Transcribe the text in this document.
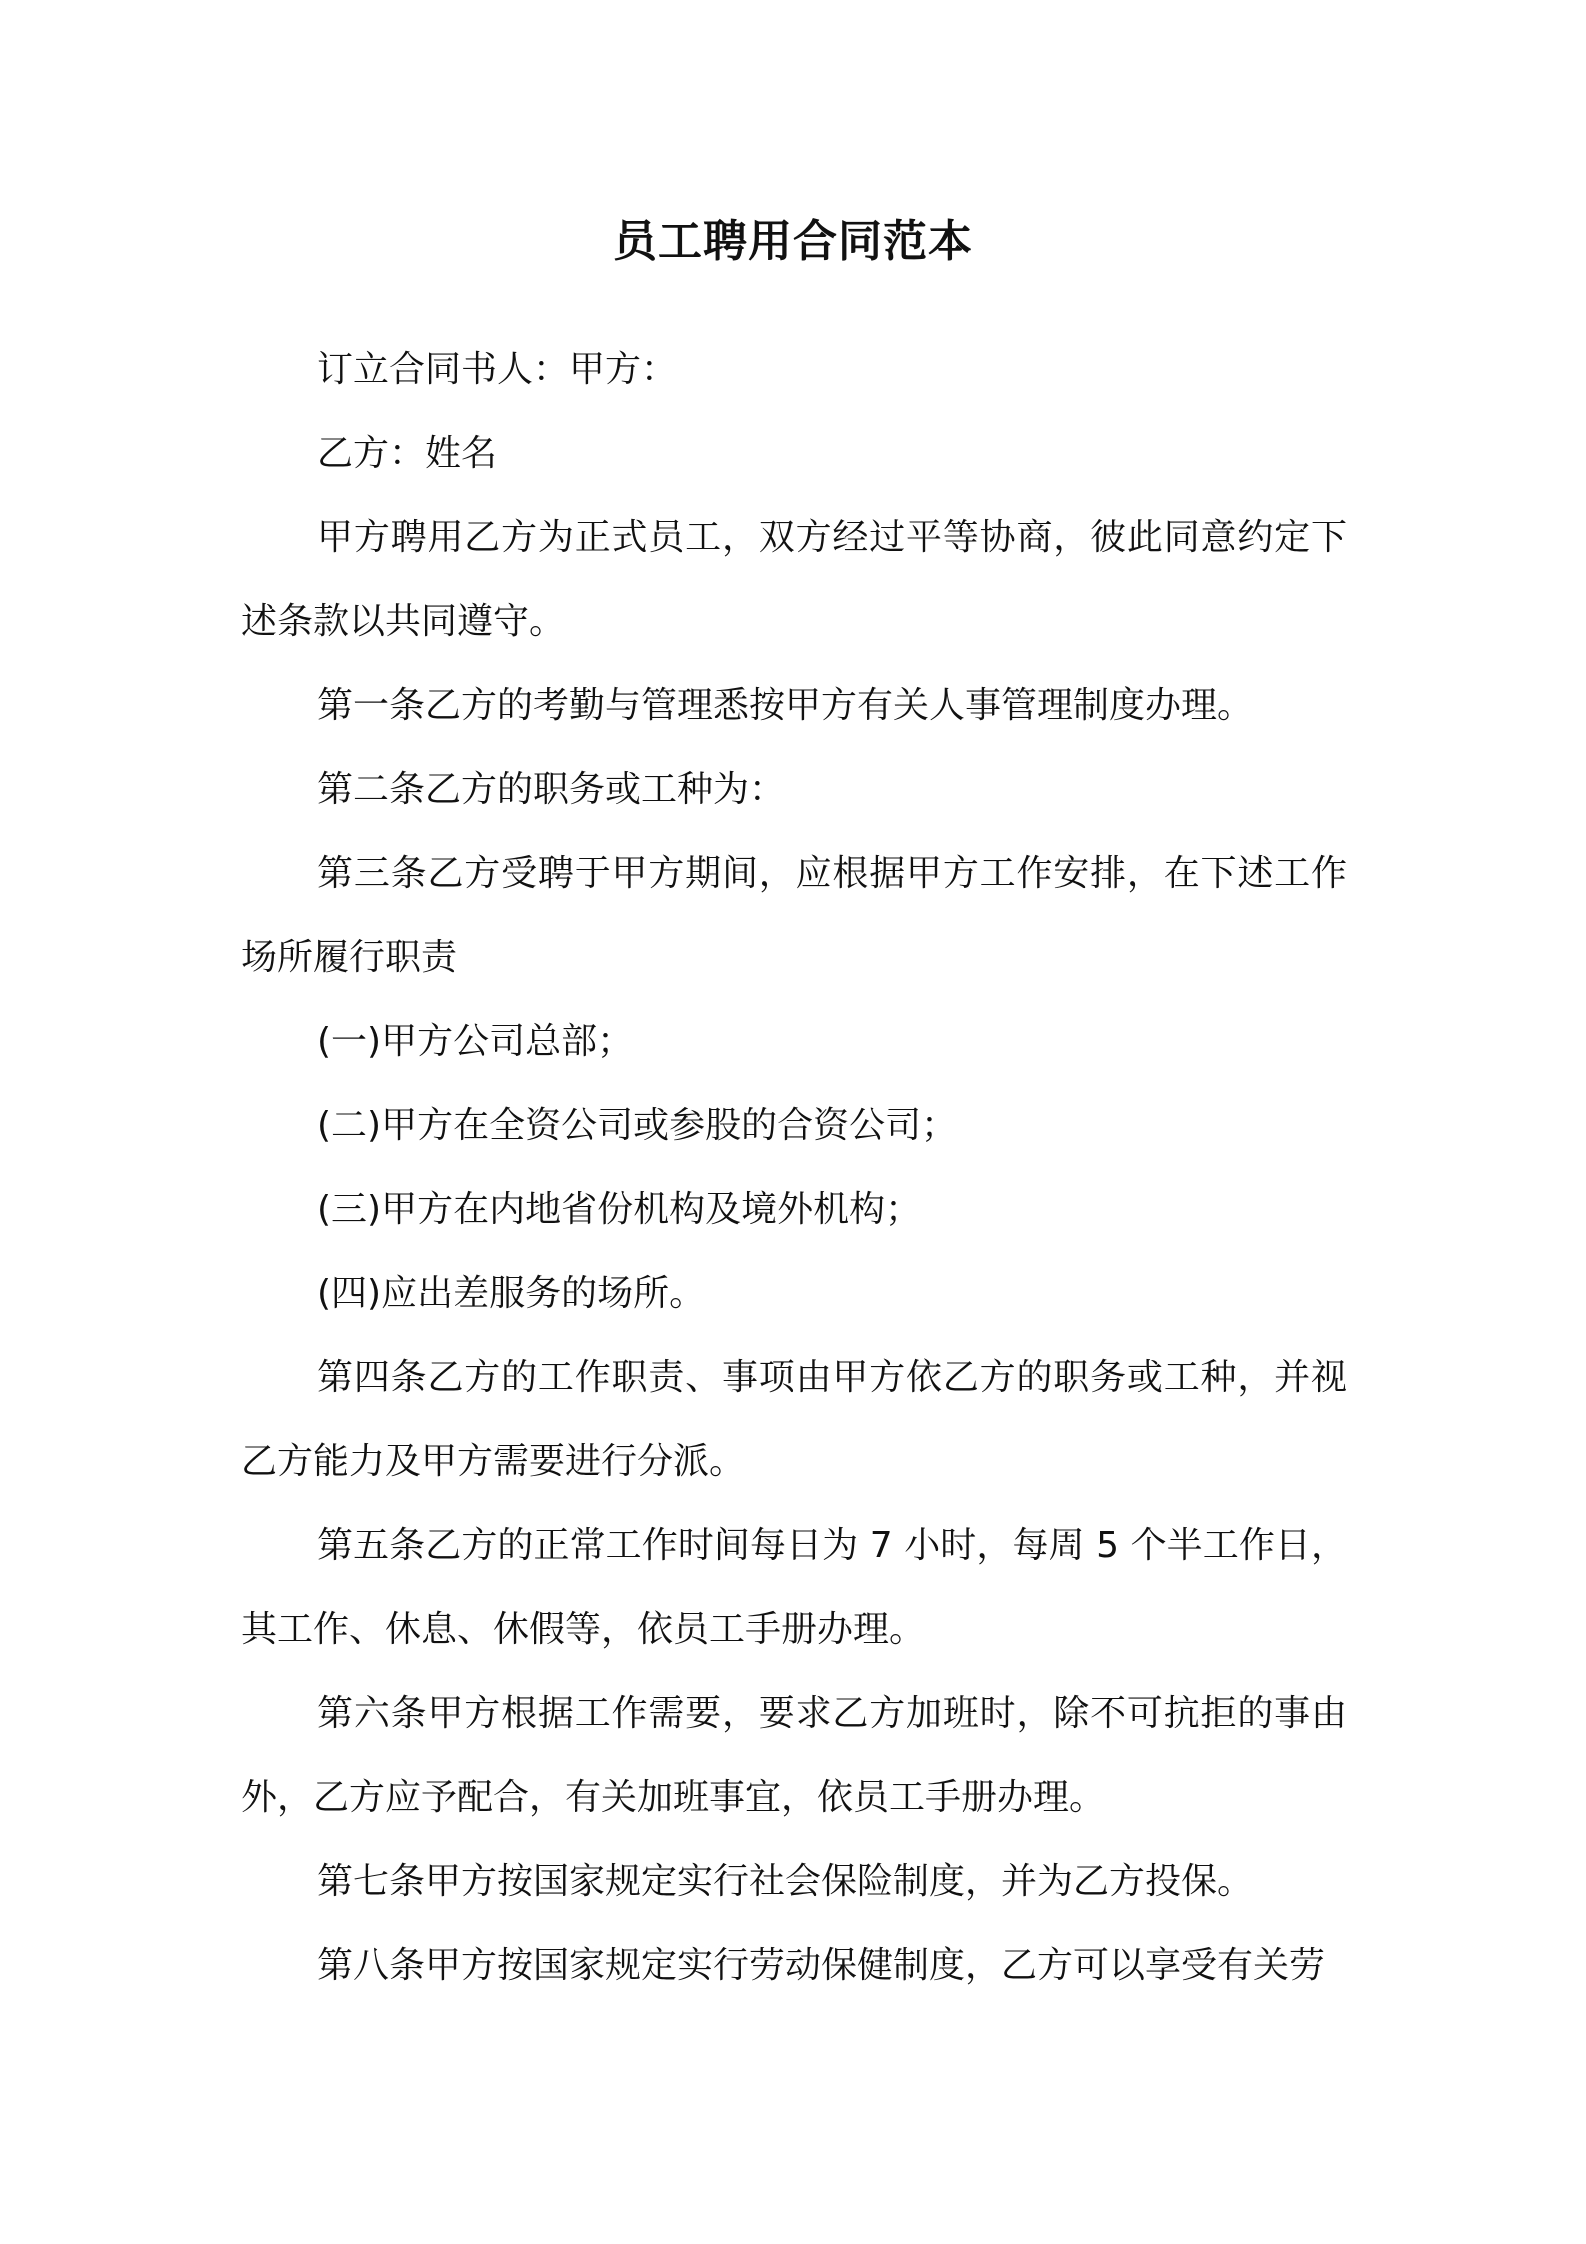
员工聘用合同范本

订立合同书人：甲方：

乙方：姓名

甲方聘用乙方为正式员工，双方经过平等协商，彼此同意约定下述条款以共同遵守。

第一条乙方的考勤与管理悉按甲方有关人事管理制度办理。

第二条乙方的职务或工种为：

第三条乙方受聘于甲方期间，应根据甲方工作安排，在下述工作场所履行职责

(一)甲方公司总部；

(二)甲方在全资公司或参股的合资公司；

(三)甲方在内地省份机构及境外机构；

(四)应出差服务的场所。

第四条乙方的工作职责、事项由甲方依乙方的职务或工种，并视乙方能力及甲方需要进行分派。

第五条乙方的正常工作时间每日为 7 小时，每周 5 个半工作日，其工作、休息、休假等，依员工手册办理。

第六条甲方根据工作需要，要求乙方加班时，除不可抗拒的事由外，乙方应予配合，有关加班事宜，依员工手册办理。

第七条甲方按国家规定实行社会保险制度，并为乙方投保。

第八条甲方按国家规定实行劳动保健制度，乙方可以享受有关劳
